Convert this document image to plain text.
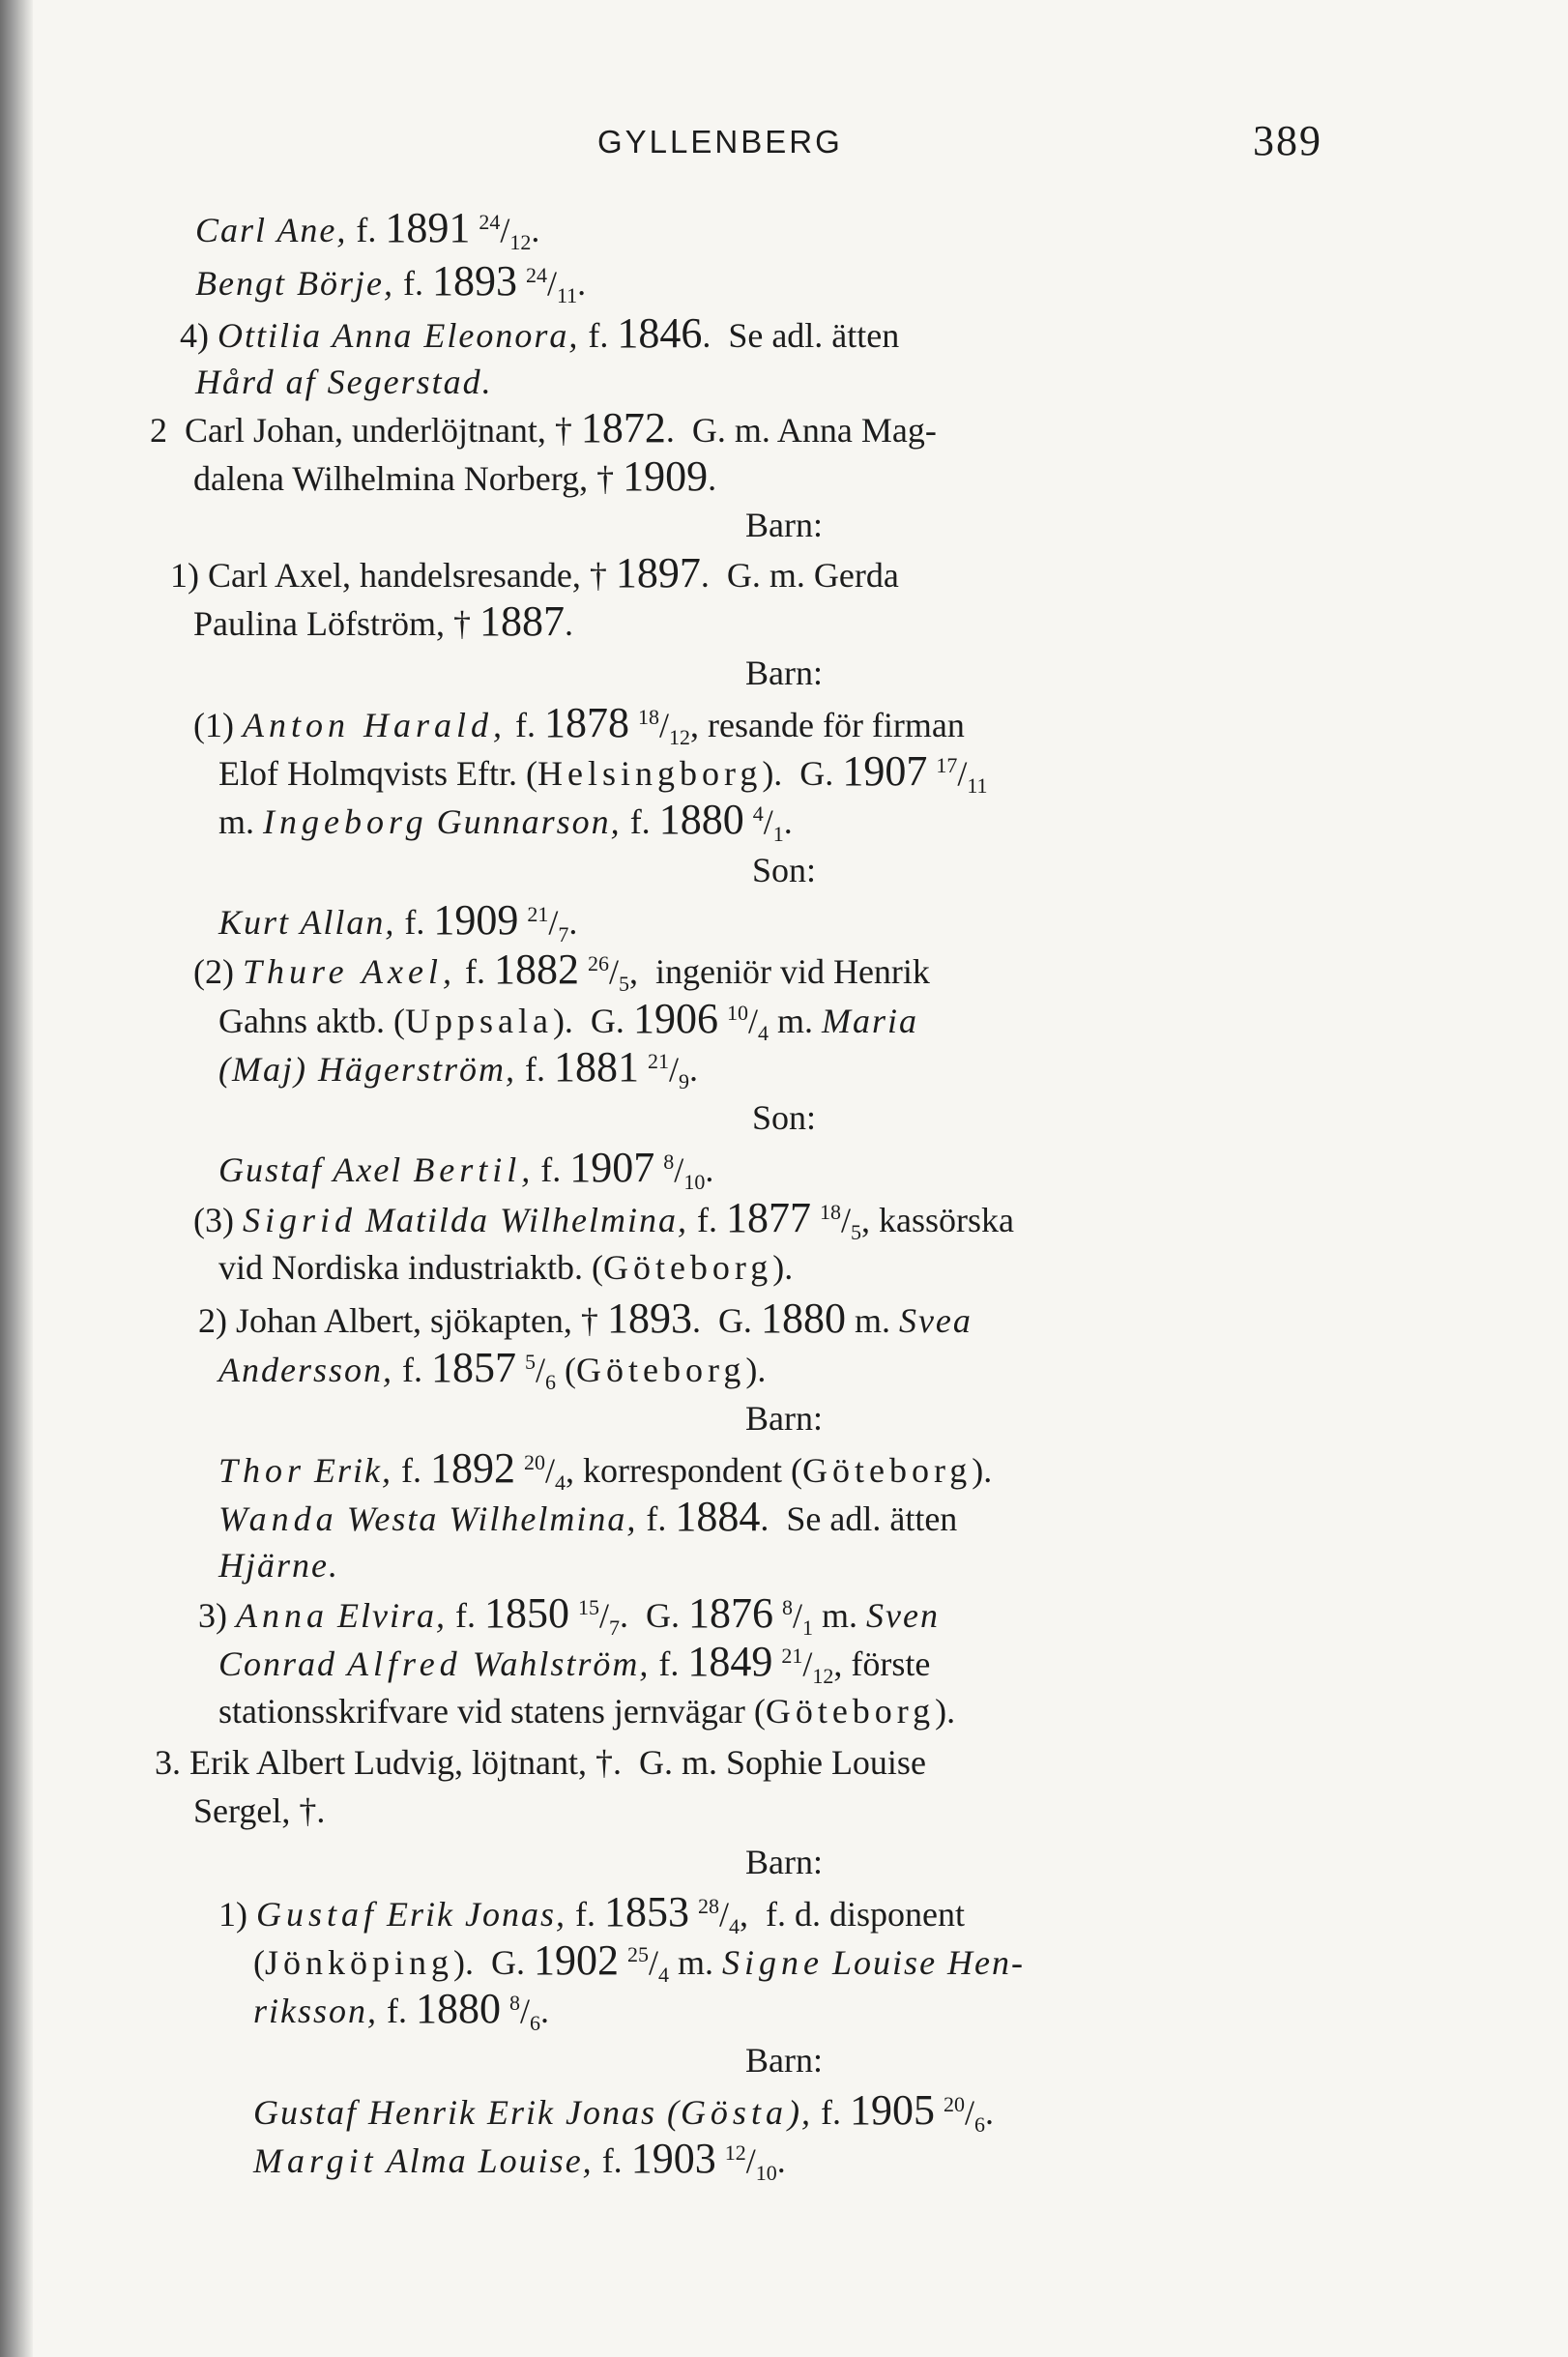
GYLLENBERG	389
Carl Ane, f. 1891 $^{24}/_{12}$.
Bengt Börje, f. 1893 $^{24}/_{11}$.
4) Ottilia Anna Eleonora, f. 1846.  Se adl. ätten
Hård af Segerstad.
2  Carl Johan, underlöjtnant, † 1872.  G. m. Anna Mag-
dalena Wilhelmina Norberg, † 1909.
Barn:
1) Carl Axel, handelsresande, † 1897.  G. m. Gerda
Paulina Löfström, † 1887.
Barn:
(1) Anton Harald, f. 1878 $^{18}/_{12}$, resande för firman
Elof Holmqvists Eftr. (Helsingborg).  G. 1907 $^{17}/_{11}$
m. Ingeborg Gunnarson, f. 1880 $^4/_1$.
Son:
Kurt Allan, f. 1909 $^{21}/_7$.
(2) Thure Axel, f. 1882 $^{26}/_5$,  ingeniör vid Henrik
Gahns aktb. (Uppsala).  G. 1906 $^{10}/_4$ m. Maria
(Maj) Hägerström, f. 1881 $^{21}/_9$.
Son:
Gustaf Axel Bertil, f. 1907 $^8/_{10}$.
(3) Sigrid Matilda Wilhelmina, f. 1877 $^{18}/_5$, kassörska
vid Nordiska industriaktb. (Göteborg).
2) Johan Albert, sjökapten, † 1893.  G. 1880 m. Svea
Andersson, f. 1857 $^5/_6$ (Göteborg).
Barn:
Thor Erik, f. 1892 $^{20}/_4$, korrespondent (Göteborg).
Wanda Westa Wilhelmina, f. 1884.  Se adl. ätten
Hjärne.
3) Anna Elvira, f. 1850 $^{15}/_7$.  G. 1876 $^8/_1$ m. Sven
Conrad Alfred Wahlström, f. 1849 $^{21}/_{12}$, förste
stationsskrifvare vid statens jernvägar (Göteborg).
3. Erik Albert Ludvig, löjtnant, †.  G. m. Sophie Louise
Sergel, †.
Barn:
1) Gustaf Erik Jonas, f. 1853 $^{28}/_4$,  f. d. disponent
(Jönköping).  G. 1902 $^{25}/_4$ m. Signe Louise Hen-
riksson, f. 1880 $^8/_6$.
Barn:
Gustaf Henrik Erik Jonas (Gösta), f. 1905 $^{20}/_6$.
Margit Alma Louise, f. 1903 $^{12}/_{10}$.
